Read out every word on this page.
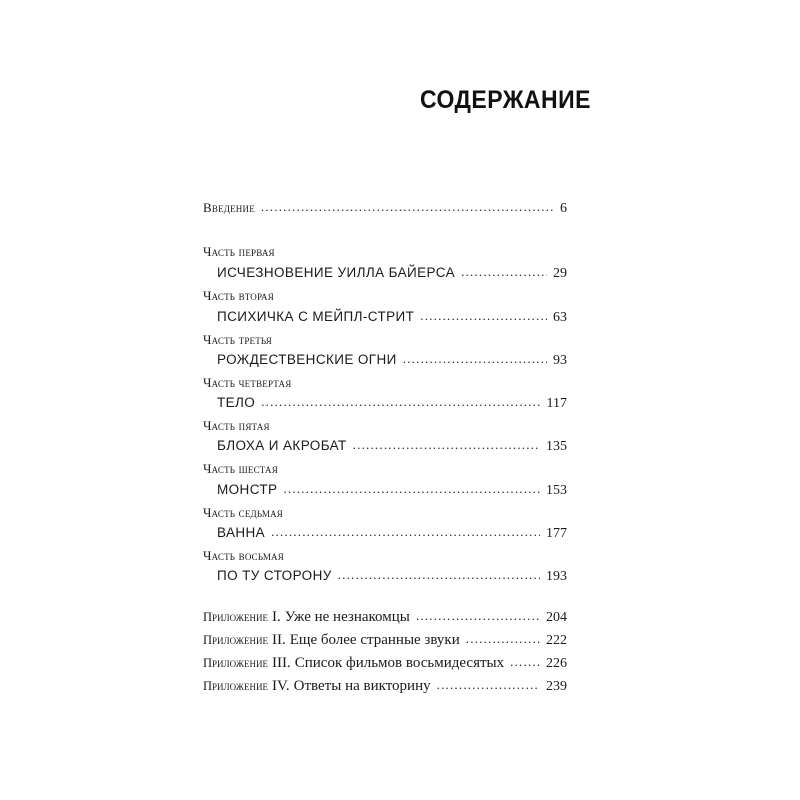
СОДЕРЖАНИЕ
Введение .....	6
Часть первая
ИСЧЕЗНОВЕНИЕ УИЛЛА БАЙЕРСА .....	29
Часть вторая
ПСИХИЧКА С МЕЙПЛ-СТРИТ .....	63
Часть третья
РОЖДЕСТВЕНСКИЕ ОГНИ .....	93
Часть четвертая
ТЕЛО .....	117
Часть пятая
БЛОХА И АКРОБАТ .....	135
Часть шестая
МОНСТР .....	153
Часть седьмая
ВАННА .....	177
Часть восьмая
ПО ТУ СТОРОНУ .....	193
Приложение I. Уже не незнакомцы .....	204
Приложение II. Еще более странные звуки .....	222
Приложение III. Список фильмов восьмидесятых .....	226
Приложение IV. Ответы на викторину .....	239
